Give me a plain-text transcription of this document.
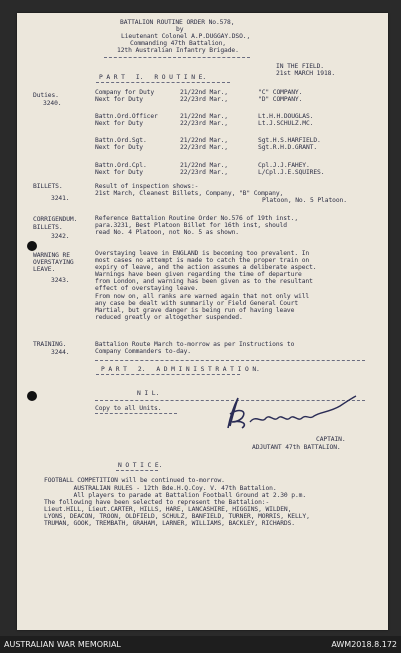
BATTALION ROUTINE ORDER No.578,
by
Lieutenant Colonel A.P.DUGGAY.DSO.,
Commanding 47th Battalion,
12th Australian Infantry Brigade.
IN THE FIELD.
21st MARCH 1918.
P A R T   I.   R O U T I N E.
Duties.
3240.
Company for Duty	21/22nd Mar.,	"C" COMPANY.
Next for Duty	22/23rd Mar.,	"D" COMPANY.
Battn.Ord.Officer	21/22nd Mar.,	Lt.H.H.DOUGLAS.
Next for Duty	22/23rd Mar.,	Lt.J.SCHULZ.MC.
Battn.Ord.Sgt.	21/22nd Mar.,	Sgt.H.S.HARFIELD.
Next for Duty	22/23rd Mar.,	Sgt.R.H.D.GRANT.
Battn.Ord.Cpl.	21/22nd Mar.,	Cpl.J.J.FAHEY.
Next for Duty	22/23rd Mar.,	L/Cpl.J.E.SQUIRES.
BILLETS.
3241.
Result of inspection shows:-
21st March, Cleanest Billets, Company, "B" Company,
Platoon, No. 5 Platoon.
CORRIGENDUM.
BILLETS.
3242.
Reference Battalion Routine Order No.576 of 19th inst.,
para.3231, Best Platoon Billet for 16th inst, should
read No. 4 Platoon, not No. 5 as shown.
WARNING RE
OVERSTAYING
LEAVE.
3243.
Overstaying leave in ENGLAND is becoming too prevalent. In
most cases no attempt is made to catch the proper train on
expiry of leave, and the action assumes a deliberate aspect.
Warnings have been given regarding the time of departure
from London, and warning has been given as to the resultant
effect of overstaying leave.
From now on, all ranks are warned again that not only will
any case be dealt with summarily or Field General Court
Martial, but grave danger is being run of having leave
reduced greatly or altogether suspended.
TRAINING.
3244.
Battalion Route March to-morrow as per Instructions to
Company Commanders to-day.
P A R T   2.   A D M I N I S T R A T I O N.
N I L.
Copy to all Units.
CAPTAIN.
ADJUTANT 47th BATTALION.
N O T I C E.
FOOTBALL COMPETITION will be continued to-morrow.
AUSTRALIAN RULES - 12th Bde.H.Q.Coy. V. 47th Battalion.
All players to parade at Battalion Football Ground at 2.30 p.m.
The following have been selected to represent the Battalion:-
Lieut.HILL, Lieut.CARTER, HILLS, HARE, LANCASHIRE, HIGGINS, WILDEN,
LYONS, DEACON, TROON, OLDFIELD, SCHULZ, BANFIELD, TURNER, MORRIS, KELLY,
TRUMAN, GOOK, TREMBATH, GRAHAM, LARNER, WILLIAMS, BACKLEY, RICHARDS.
AUSTRALIAN WAR MEMORIAL	AWM2018.8.172
